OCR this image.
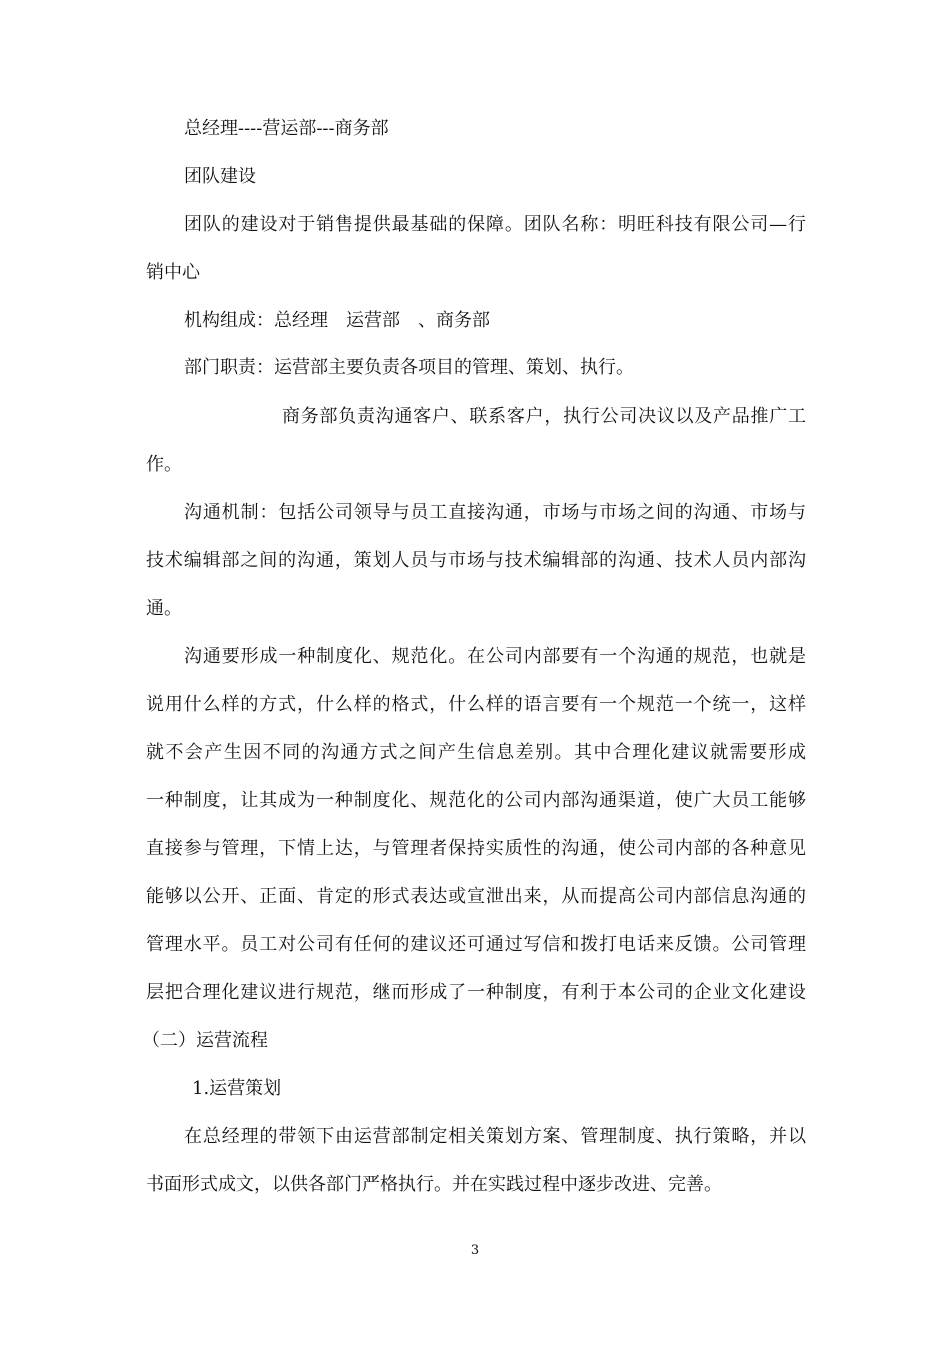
总经理----营运部---商务部
团队建设
团队的建设对于销售提供最基础的保障。团队名称：明旺科技有限公司—行
销中心
机构组成：总经理　运营部　、商务部
部门职责：运营部主要负责各项目的管理、策划、执行。
商务部负责沟通客户、联系客户，执行公司决议以及产品推广工
作。
沟通机制：包括公司领导与员工直接沟通，市场与市场之间的沟通、市场与
技术编辑部之间的沟通，策划人员与市场与技术编辑部的沟通、技术人员内部沟
通。
沟通要形成一种制度化、规范化。在公司内部要有一个沟通的规范，也就是
说用什么样的方式，什么样的格式，什么样的语言要有一个规范一个统一，这样
就不会产生因不同的沟通方式之间产生信息差别。其中合理化建议就需要形成
一种制度，让其成为一种制度化、规范化的公司内部沟通渠道，使广大员工能够
直接参与管理，下情上达，与管理者保持实质性的沟通，使公司内部的各种意见
能够以公开、正面、肯定的形式表达或宣泄出来，从而提高公司内部信息沟通的
管理水平。员工对公司有任何的建议还可通过写信和拨打电话来反馈。公司管理
层把合理化建议进行规范，继而形成了一种制度，有利于本公司的企业文化建设
（二）运营流程
1.运营策划
在总经理的带领下由运营部制定相关策划方案、管理制度、执行策略，并以
书面形式成文，以供各部门严格执行。并在实践过程中逐步改进、完善。
3
